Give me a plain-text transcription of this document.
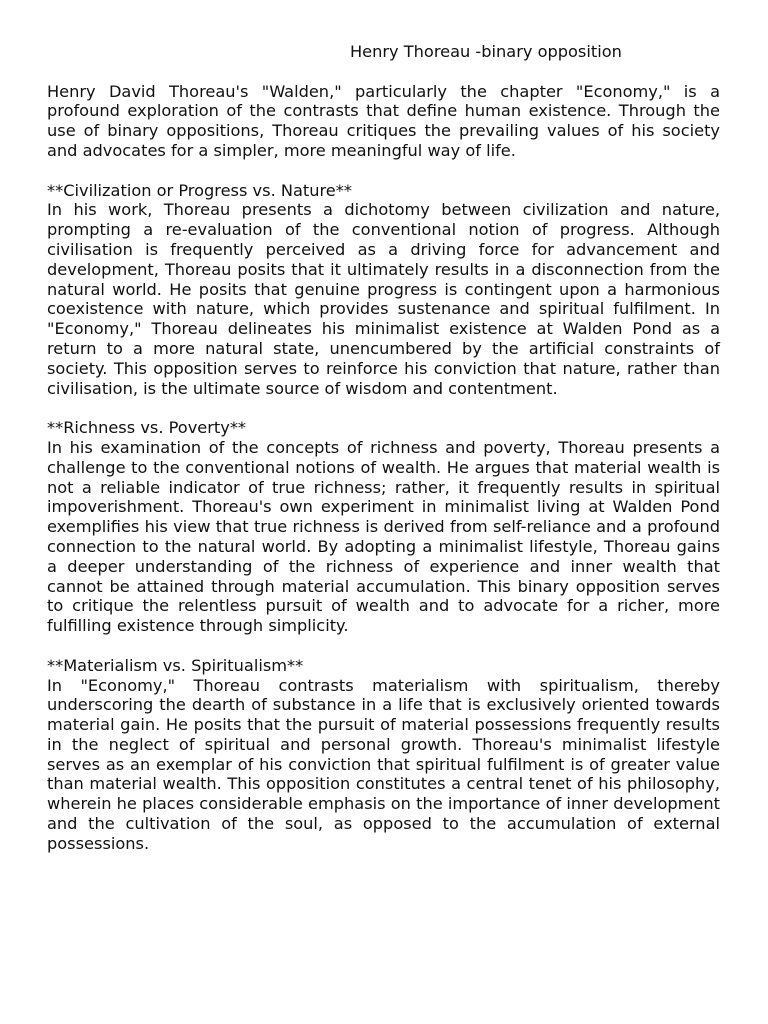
Henry Thoreau -binary opposition

Henry David Thoreau's "Walden," particularly the chapter "Economy," is a profound exploration of the contrasts that define human existence. Through the use of binary oppositions, Thoreau critiques the prevailing values of his society and advocates for a simpler, more meaningful way of life.

**Civilization or Progress vs. Nature**

In his work, Thoreau presents a dichotomy between civilization and nature, prompting a re-evaluation of the conventional notion of progress. Although civilisation is frequently perceived as a driving force for advancement and development, Thoreau posits that it ultimately results in a disconnection from the natural world. He posits that genuine progress is contingent upon a harmonious coexistence with nature, which provides sustenance and spiritual fulfilment. In "Economy," Thoreau delineates his minimalist existence at Walden Pond as a return to a more natural state, unencumbered by the artificial constraints of society. This opposition serves to reinforce his conviction that nature, rather than civilisation, is the ultimate source of wisdom and contentment.

**Richness vs. Poverty**

In his examination of the concepts of richness and poverty, Thoreau presents a challenge to the conventional notions of wealth. He argues that material wealth is not a reliable indicator of true richness; rather, it frequently results in spiritual impoverishment. Thoreau's own experiment in minimalist living at Walden Pond exemplifies his view that true richness is derived from self-reliance and a profound connection to the natural world. By adopting a minimalist lifestyle, Thoreau gains a deeper understanding of the richness of experience and inner wealth that cannot be attained through material accumulation. This binary opposition serves to critique the relentless pursuit of wealth and to advocate for a richer, more fulfilling existence through simplicity.

**Materialism vs. Spiritualism**

In "Economy," Thoreau contrasts materialism with spiritualism, thereby underscoring the dearth of substance in a life that is exclusively oriented towards material gain. He posits that the pursuit of material possessions frequently results in the neglect of spiritual and personal growth. Thoreau's minimalist lifestyle serves as an exemplar of his conviction that spiritual fulfilment is of greater value than material wealth. This opposition constitutes a central tenet of his philosophy, wherein he places considerable emphasis on the importance of inner development and the cultivation of the soul, as opposed to the accumulation of external possessions.
